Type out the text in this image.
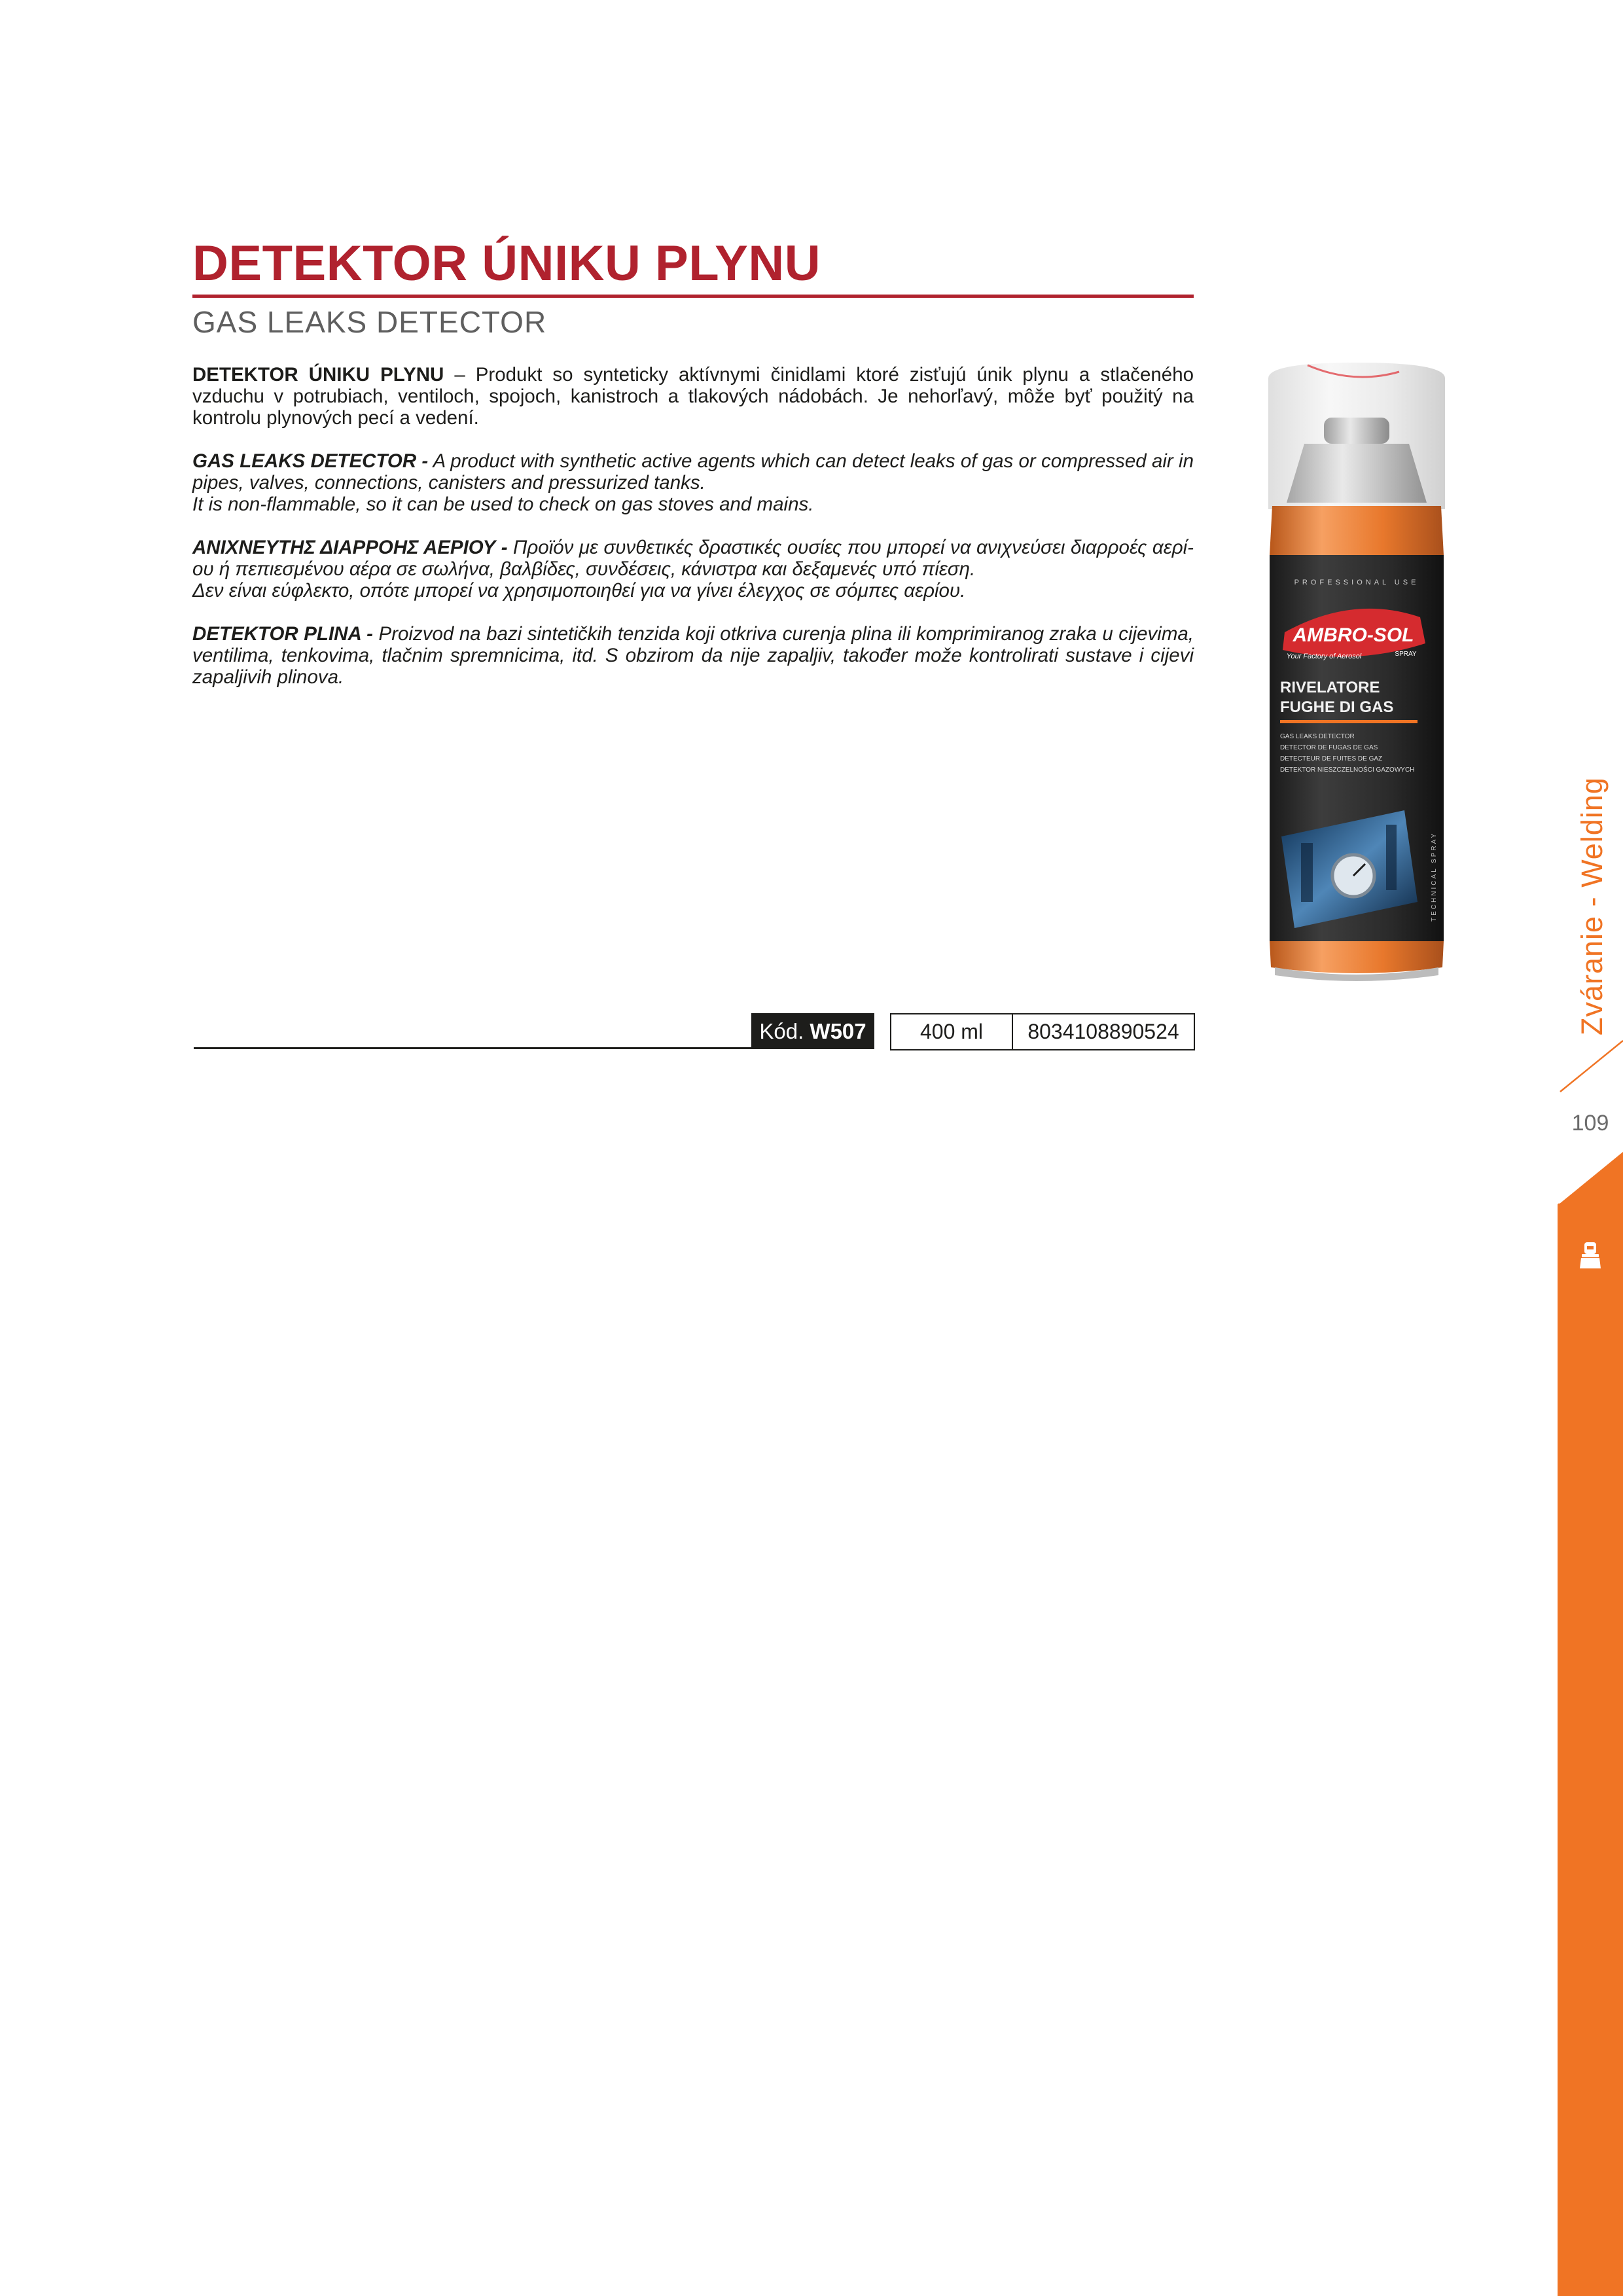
DETEKTOR ÚNIKU PLYNU
GAS LEAKS DETECTOR

DETEKTOR ÚNIKU PLYNU – Produkt so synteticky aktívnymi činidlami ktoré zisťujú únik plynu a stlačeného vzduchu v potrubiach, ventiloch, spojoch, kanistroch a tlakových nádobách. Je nehorľavý, môže byť použitý na kontrolu plynových pecí a vedení.

GAS LEAKS DETECTOR - A product with synthetic active agents which can detect leaks of gas or compressed air in pipes, valves, connections, canisters and pressurized tanks.
It is non-flammable, so it can be used to check on gas stoves and mains.

ΑΝΙΧΝΕΥΤΗΣ ΔΙΑΡΡΟΗΣ ΑΕΡΙΟΥ - Προϊόν με συνθετικές δραστικές ουσίες που μπορεί να ανιχνεύσει διαρροές αερί-ου ή πεπιεσμένου αέρα σε σωλήνα, βαλβίδες, συνδέσεις, κάνιστρα και δεξαμενές υπό πίεση.
Δεν είναι εύφλεκτο, οπότε μπορεί να χρησιμοποιηθεί για να γίνει έλεγχος σε σόμπες αερίου.

DETEKTOR PLINA - Proizvod na bazi sintetičkih tenzida koji otkriva curenja plina ili komprimiranog zraka u cijevima, ventilima, tenkovima, tlačnim spremnicima, itd. S obzirom da nije zapaljiv, također može kontrolirati sustave i cijevi zapaljivih plinova.

PROFESSIONAL USE
AMBRO-SOL
SPRAY
Your Factory of Aerosol
RIVELATORE
FUGHE DI GAS
GAS LEAKS DETECTOR
DETECTOR DE FUGAS DE GAS
DETECTEUR DE FUITES DE GAZ
DETEKTOR NIESZCZELNOŚCI GAZOWYCH
TECHNICAL SPRAY
Kód. W507	400 ml	8034108890524	Zváranie - Welding
109
